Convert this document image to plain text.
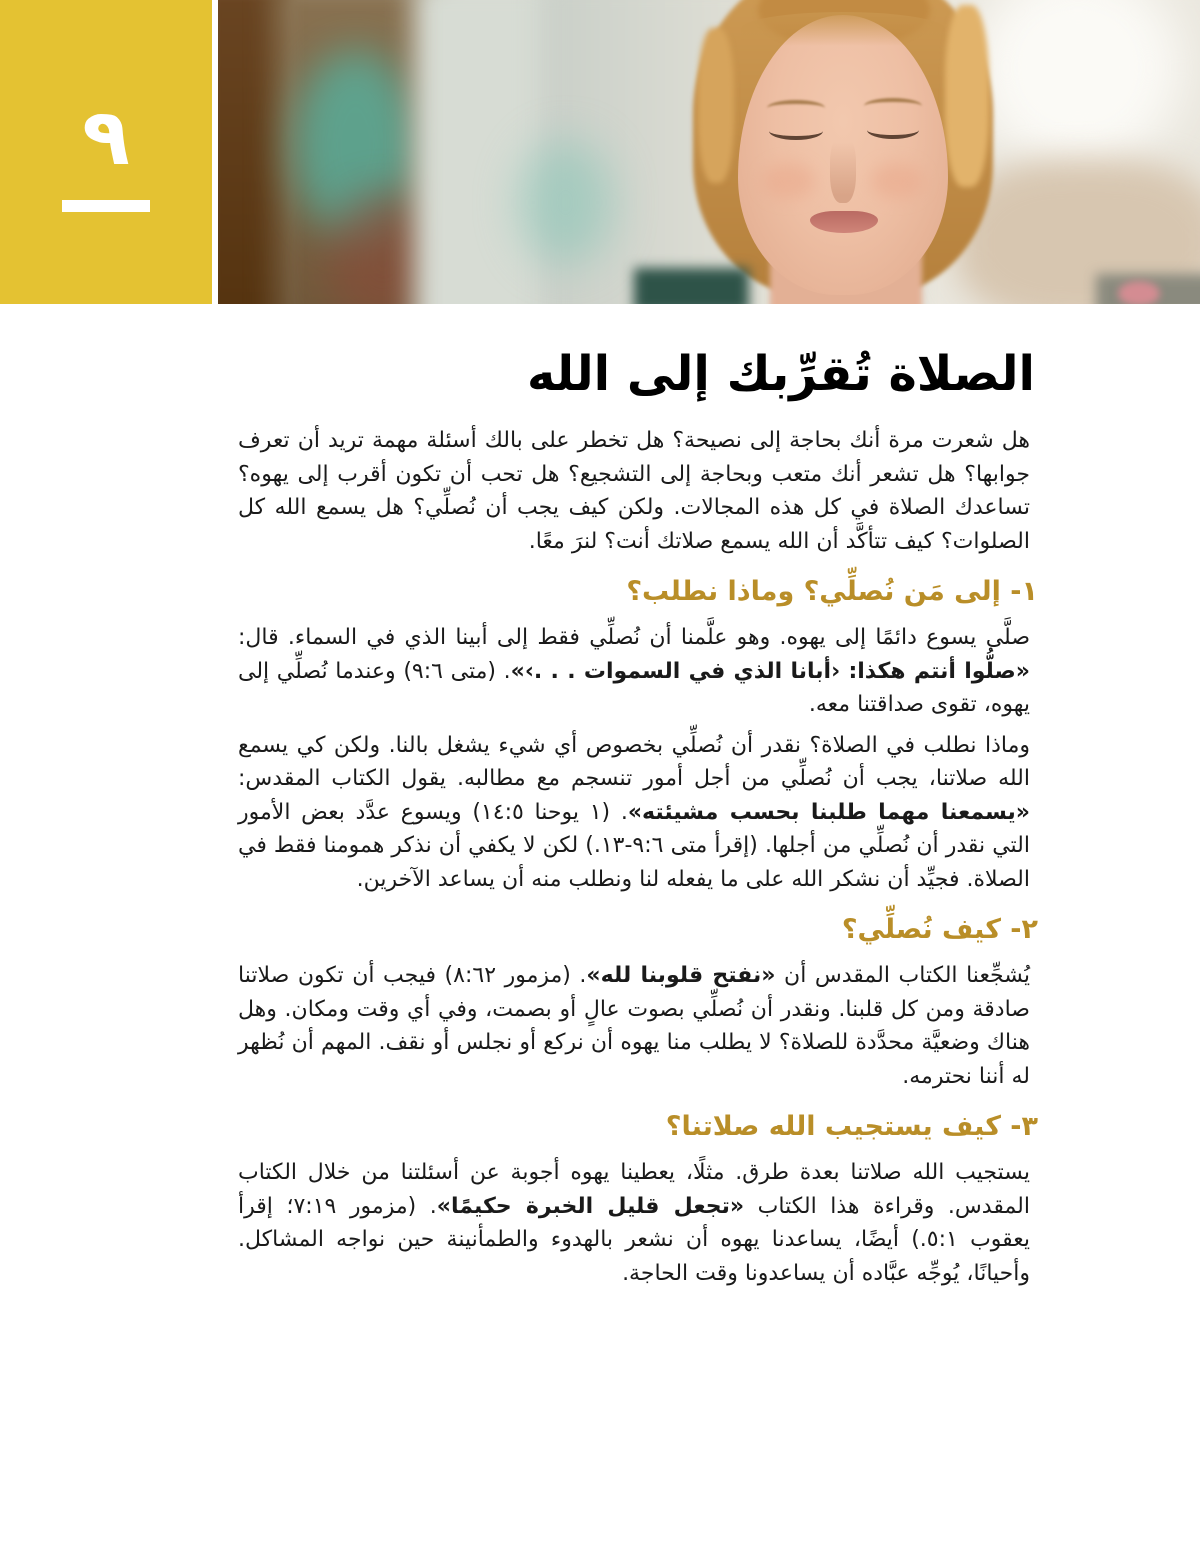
٩
الصلاة تُقرِّبك إلى الله

هل شعرت مرة أنك بحاجة إلى نصيحة؟ هل تخطر على بالك أسئلة مهمة تريد أن تعرف جوابها؟ هل تشعر أنك متعب وبحاجة إلى التشجيع؟ هل تحب أن تكون أقرب إلى يهوه؟ تساعدك الصلاة في كل هذه المجالات. ولكن كيف يجب أن نُصلِّي؟ هل يسمع الله كل الصلوات؟ كيف تتأكَّد أن الله يسمع صلاتك أنت؟ لنرَ معًا.

١- إلى مَن نُصلِّي؟ وماذا نطلب؟

صلَّى يسوع دائمًا إلى يهوه. وهو علَّمنا أن نُصلِّي فقط إلى أبينا الذي في السماء. قال: «صلُّوا أنتم هكذا: ‹أبانا الذي في السموات . . .‏›». (متى ٦:‏٩) وعندما نُصلِّي إلى يهوه، تقوى صداقتنا معه.

وماذا نطلب في الصلاة؟ نقدر أن نُصلِّي بخصوص أي شيء يشغل بالنا. ولكن كي يسمع الله صلاتنا، يجب أن نُصلِّي من أجل أمور تنسجم مع مطالبه. يقول الكتاب المقدس: «يسمعنا مهما طلبنا بحسب مشيئته». (١ يوحنا ٥:‏١٤) ويسوع عدَّد بعض الأمور التي نقدر أن نُصلِّي من أجلها. (إقرأ متى ٦:‏٩-‏١٣.) لكن لا يكفي أن نذكر همومنا فقط في الصلاة. فجيِّد أن نشكر الله على ما يفعله لنا ونطلب منه أن يساعد الآخرين.

٢- كيف نُصلِّي؟

يُشجِّعنا الكتاب المقدس أن «نفتح قلوبنا لله». (مزمور ٦٢:‏٨) فيجب أن تكون صلاتنا صادقة ومن كل قلبنا. ونقدر أن نُصلِّي بصوت عالٍ أو بصمت، وفي أي وقت ومكان. وهل هناك وضعيَّة محدَّدة للصلاة؟ لا يطلب منا يهوه أن نركع أو نجلس أو نقف. المهم أن نُظهر له أننا نحترمه.

٣- كيف يستجيب الله صلاتنا؟

يستجيب الله صلاتنا بعدة طرق. مثلًا، يعطينا يهوه أجوبة عن أسئلتنا من خلال الكتاب المقدس. وقراءة هذا الكتاب «تجعل قليل الخبرة حكيمًا». (مزمور ١٩:‏٧؛ إقرأ يعقوب ١:‏٥.) أيضًا، يساعدنا يهوه أن نشعر بالهدوء والطمأنينة حين نواجه المشاكل. وأحيانًا، يُوجِّه عبَّاده أن يساعدونا وقت الحاجة.
